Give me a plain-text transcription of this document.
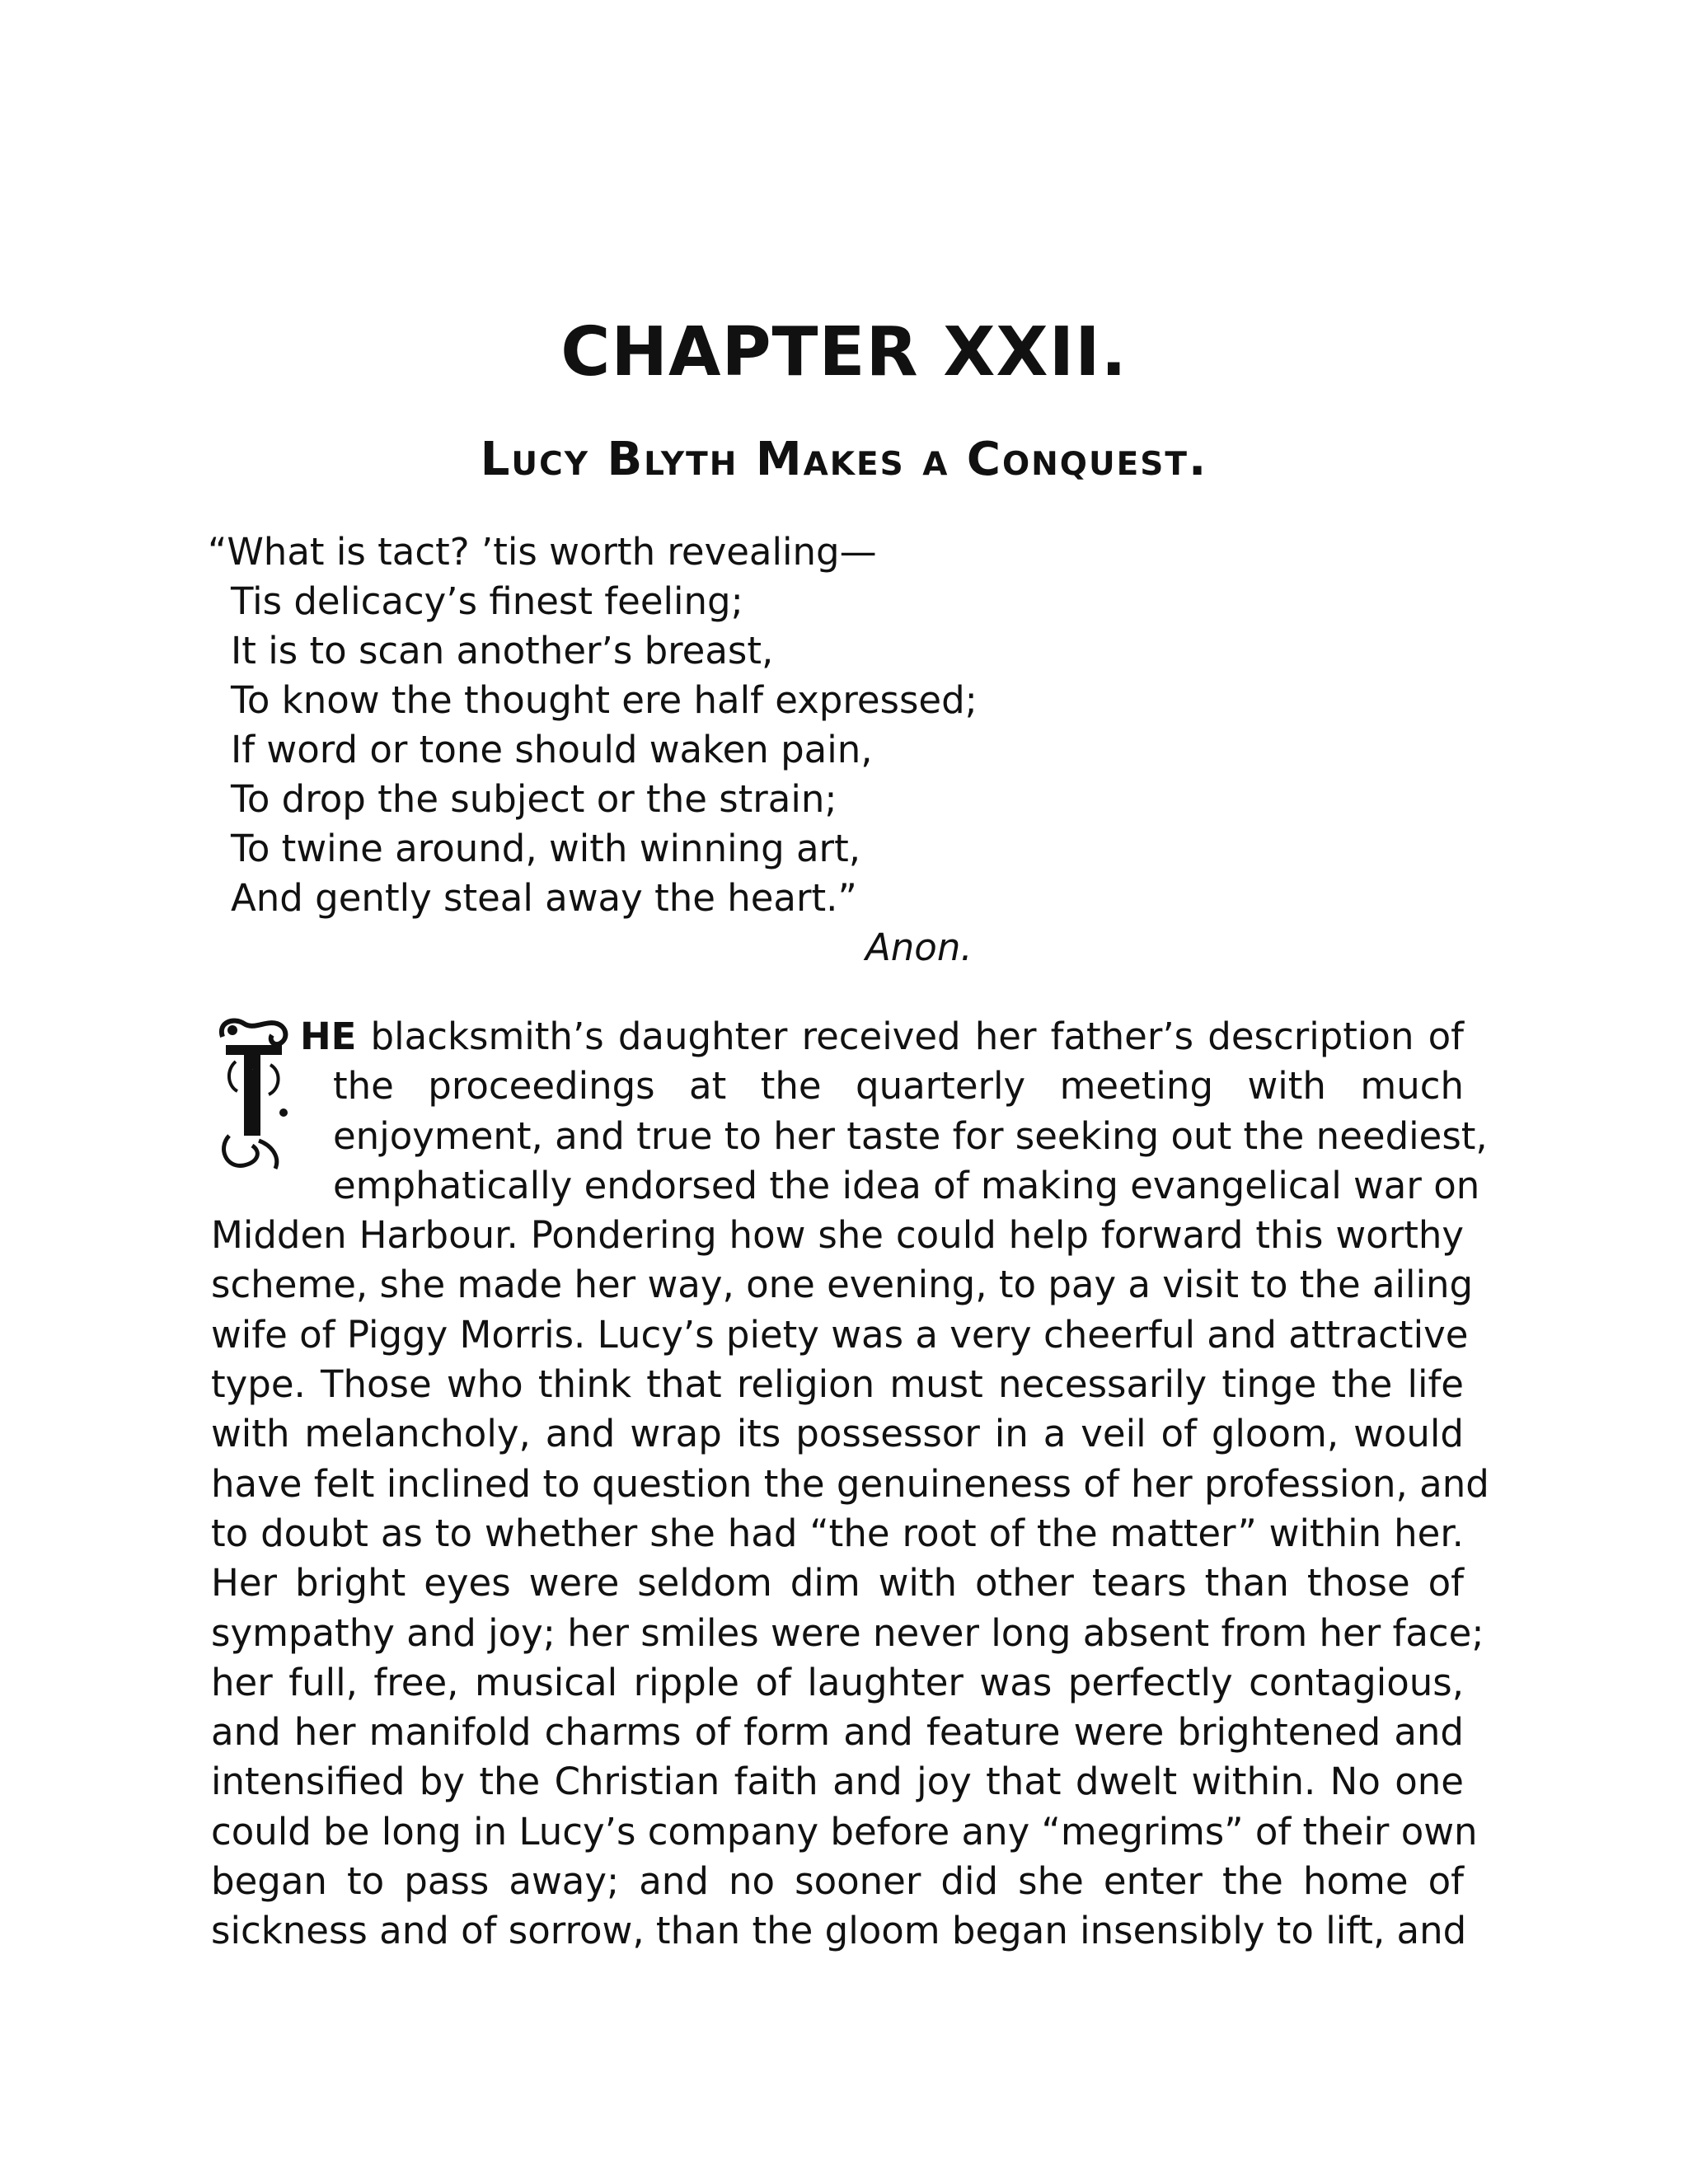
CHAPTER XXII.
Lucy Blyth Makes a Conquest.
“What is tact? ’tis worth revealing—
Tis delicacy’s finest feeling;
It is to scan another’s breast,
To know the thought ere half expressed;
If word or tone should waken pain,
To drop the subject or the strain;
To twine around, with winning art,
And gently steal away the heart.”
Anon.
T
HE blacksmith’s daughter received her father’s description of
the proceedings at the quarterly meeting with much
enjoyment, and true to her taste for seeking out the neediest,
emphatically endorsed the idea of making evangelical war on
Midden Harbour. Pondering how she could help forward this worthy
scheme, she made her way, one evening, to pay a visit to the ailing
wife of Piggy Morris. Lucy’s piety was a very cheerful and attractive
type. Those who think that religion must necessarily tinge the life
with melancholy, and wrap its possessor in a veil of gloom, would
have felt inclined to question the genuineness of her profession, and
to doubt as to whether she had “the root of the matter” within her.
Her bright eyes were seldom dim with other tears than those of
sympathy and joy; her smiles were never long absent from her face;
her full, free, musical ripple of laughter was perfectly contagious,
and her manifold charms of form and feature were brightened and
intensified by the Christian faith and joy that dwelt within. No one
could be long in Lucy’s company before any “megrims” of their own
began to pass away; and no sooner did she enter the home of
sickness and of sorrow, than the gloom began insensibly to lift, and
